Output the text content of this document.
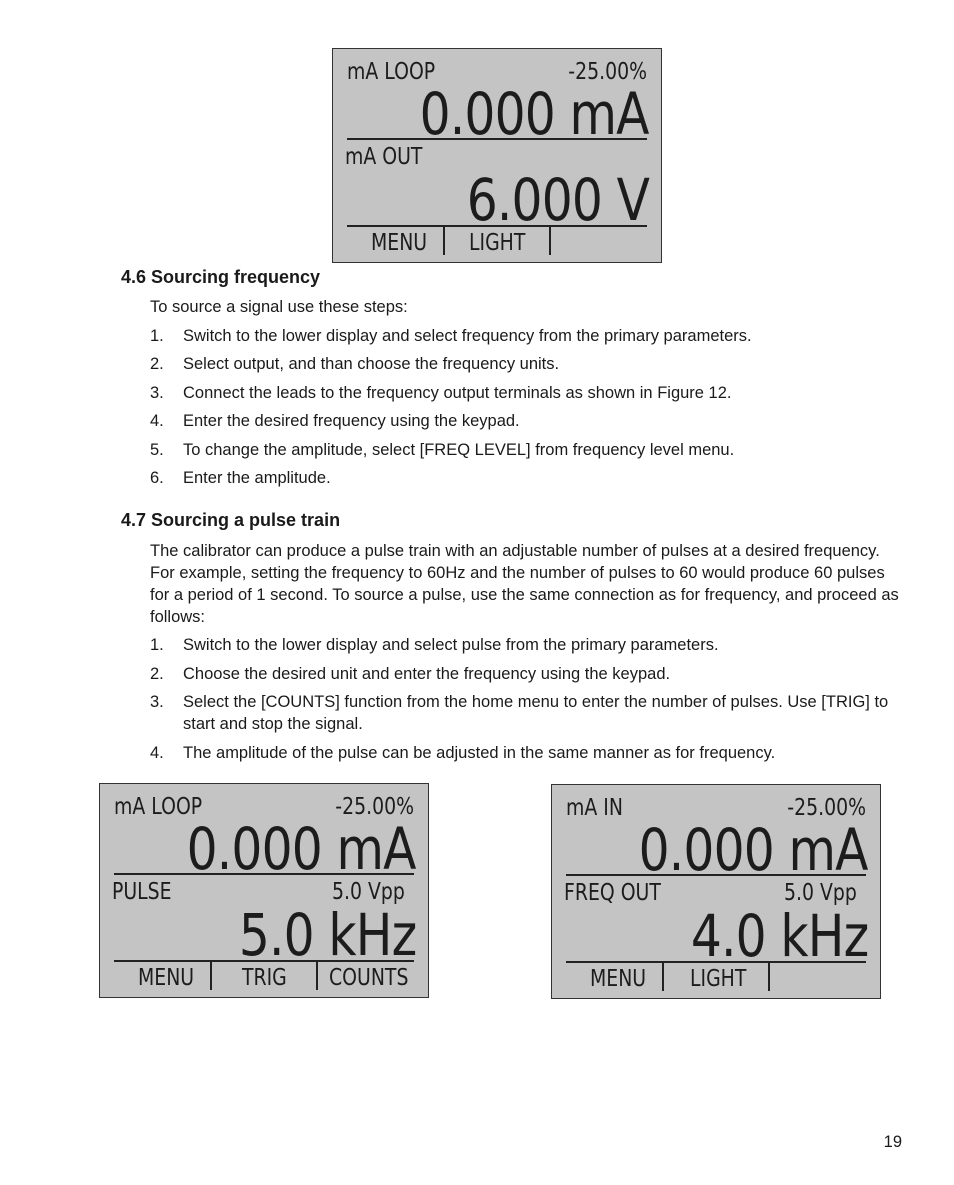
mA LOOP	-25.00%
0.000 mA
mA OUT
6.000 V
MENU LIGHT
4.6 Sourcing frequency

To source a signal use these steps:

1. Switch to the lower display and select frequency from the primary parameters.

2. Select output, and than choose the frequency units.

3. Connect the leads to the frequency output terminals as shown in Figure 12.

4. Enter the desired frequency using the keypad.

5. To change the amplitude, select [FREQ LEVEL] from frequency level menu.

6. Enter the amplitude.

4.7 Sourcing a pulse train

The calibrator can produce a pulse train with an adjustable number of pulses at a desired frequency. For example, setting the frequency to 60Hz and the number of pulses to 60 would produce 60 pulses for a period of 1 second. To source a pulse, use the same connection as for frequency, and proceed as follows:

1. Switch to the lower display and select pulse from the primary parameters.

2. Choose the desired unit and enter the frequency using the keypad.

3. Select the [COUNTS] function from the home menu to enter the number of pulses. Use [TRIG] to start and stop the signal.

4. The amplitude of the pulse can be adjusted in the same manner as for frequency.

mA LOOP	-25.00%
0.000 mA
PULSE	5.0 Vpp
5.0 kHz
MENU TRIG COUNTS
mA IN	-25.00%
0.000 mA
FREQ OUT	5.0 Vpp
4.0 kHz
MENU LIGHT
19
